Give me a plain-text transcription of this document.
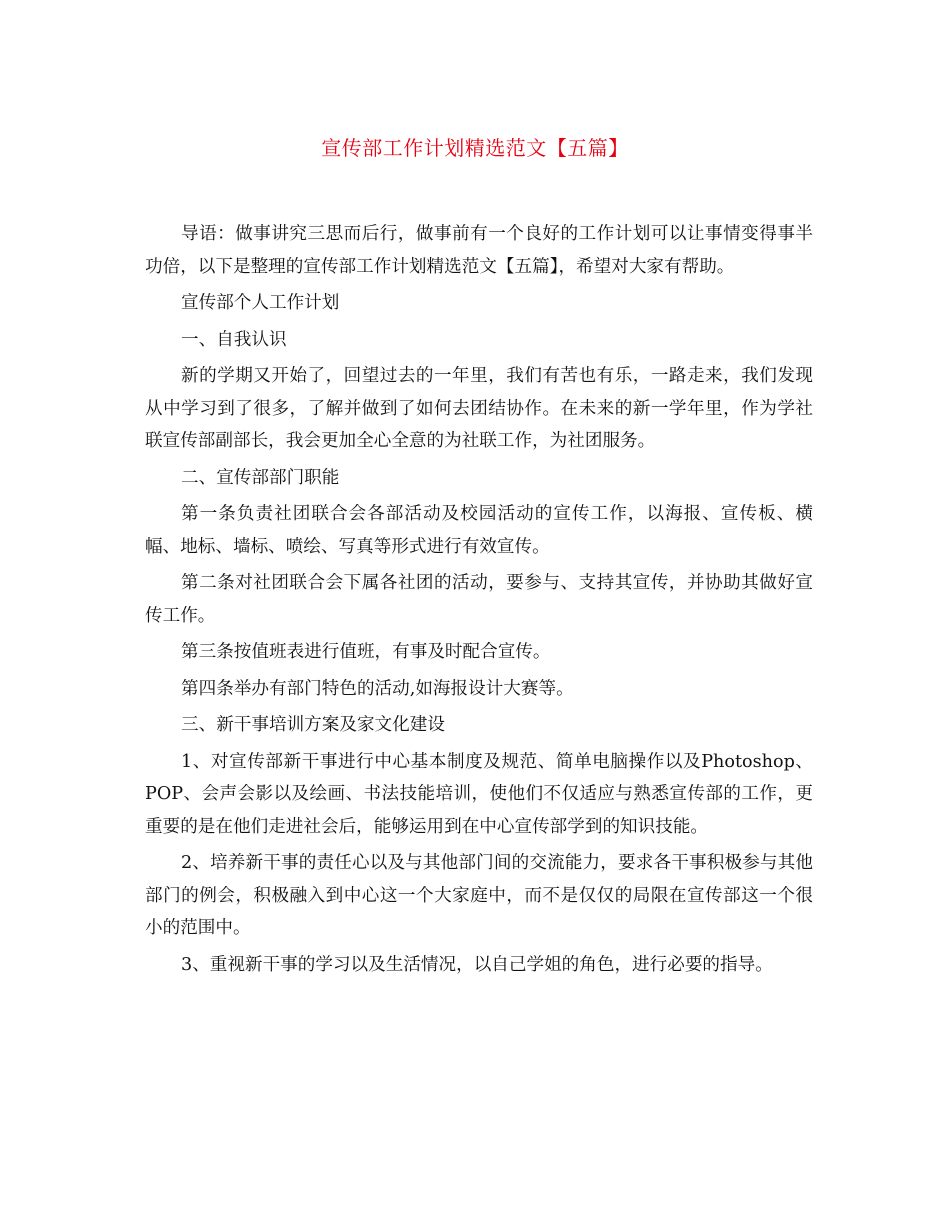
宣传部工作计划精选范文【五篇】

导语：做事讲究三思而后行，做事前有一个良好的工作计划可以让事情变得事半功倍，以下是整理的宣传部工作计划精选范文【五篇】，希望对大家有帮助。

宣传部个人工作计划

一、自我认识

新的学期又开始了，回望过去的一年里，我们有苦也有乐，一路走来，我们发现从中学习到了很多，了解并做到了如何去团结协作。在未来的新一学年里，作为学社联宣传部副部长，我会更加全心全意的为社联工作，为社团服务。

二、宣传部部门职能

第一条负责社团联合会各部活动及校园活动的宣传工作，以海报、宣传板、横幅、地标、墙标、喷绘、写真等形式进行有效宣传。

第二条对社团联合会下属各社团的活动，要参与、支持其宣传，并协助其做好宣传工作。

第三条按值班表进行值班，有事及时配合宣传。

第四条举办有部门特色的活动,如海报设计大赛等。

三、新干事培训方案及家文化建设

1、对宣传部新干事进行中心基本制度及规范、简单电脑操作以及Photoshop、POP、会声会影以及绘画、书法技能培训，使他们不仅适应与熟悉宣传部的工作，更重要的是在他们走进社会后，能够运用到在中心宣传部学到的知识技能。

2、培养新干事的责任心以及与其他部门间的交流能力，要求各干事积极参与其他部门的例会，积极融入到中心这一个大家庭中，而不是仅仅的局限在宣传部这一个很小的范围中。

3、重视新干事的学习以及生活情况，以自己学姐的角色，进行必要的指导。
